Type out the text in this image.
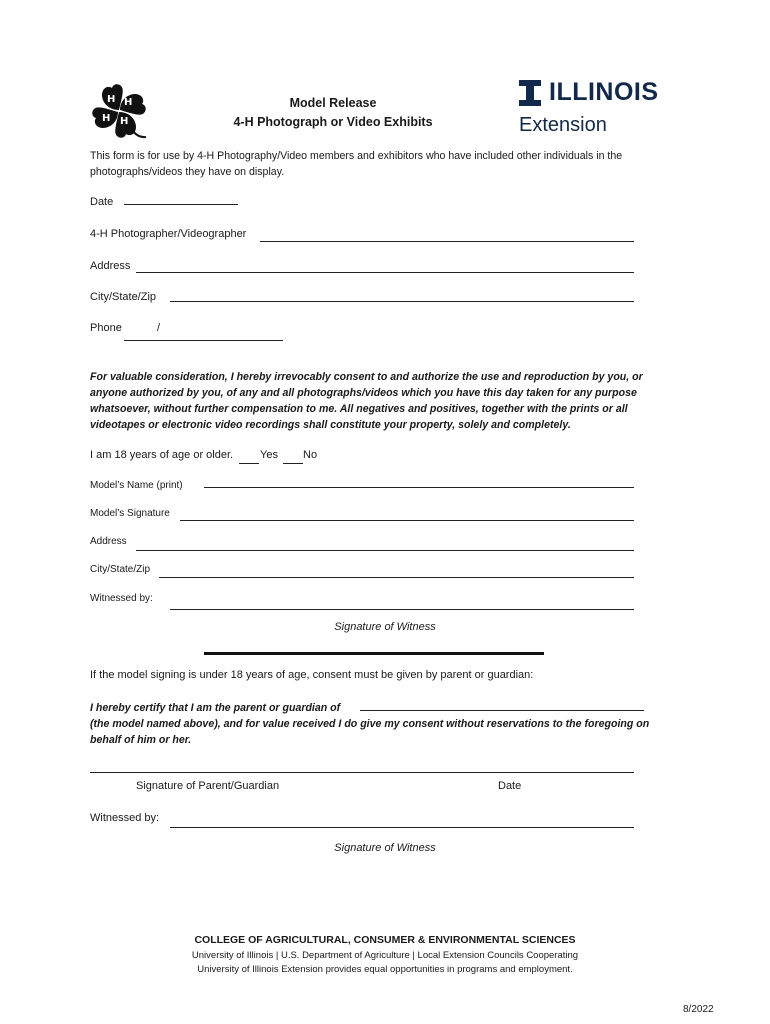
H H
H
H
Model Release
4-H Photograph or Video Exhibits
ILLINOIS
Extension
This form is for use by 4-H Photography/Video members and exhibitors who have included other individuals in the photographs/videos they have on display.
Date
4-H Photographer/Videographer
Address
City/State/Zip
Phone	/
For valuable consideration, I hereby irrevocably consent to and authorize the use and reproduction by you, or anyone authorized by you, of any and all photographs/videos which you have this day taken for any purpose whatsoever, without further compensation to me. All negatives and positives, together with the prints or all videotapes or electronic video recordings shall constitute your property, solely and completely.
I am 18 years of age or older. Yes No
Model’s Name (print)
Model’s Signature
Address
City/State/Zip
Witnessed by:
Signature of Witness
If the model signing is under 18 years of age, consent must be given by parent or guardian:
I hereby certify that I am the parent or guardian of
(the model named above), and for value received I do give my consent without reservations to the foregoing on behalf of him or her.
Signature of Parent/Guardian	Date
Witnessed by:
Signature of Witness
COLLEGE OF AGRICULTURAL, CONSUMER & ENVIRONMENTAL SCIENCES
University of Illinois | U.S. Department of Agriculture | Local Extension Councils Cooperating
University of Illinois Extension provides equal opportunities in programs and employment.
8/2022
